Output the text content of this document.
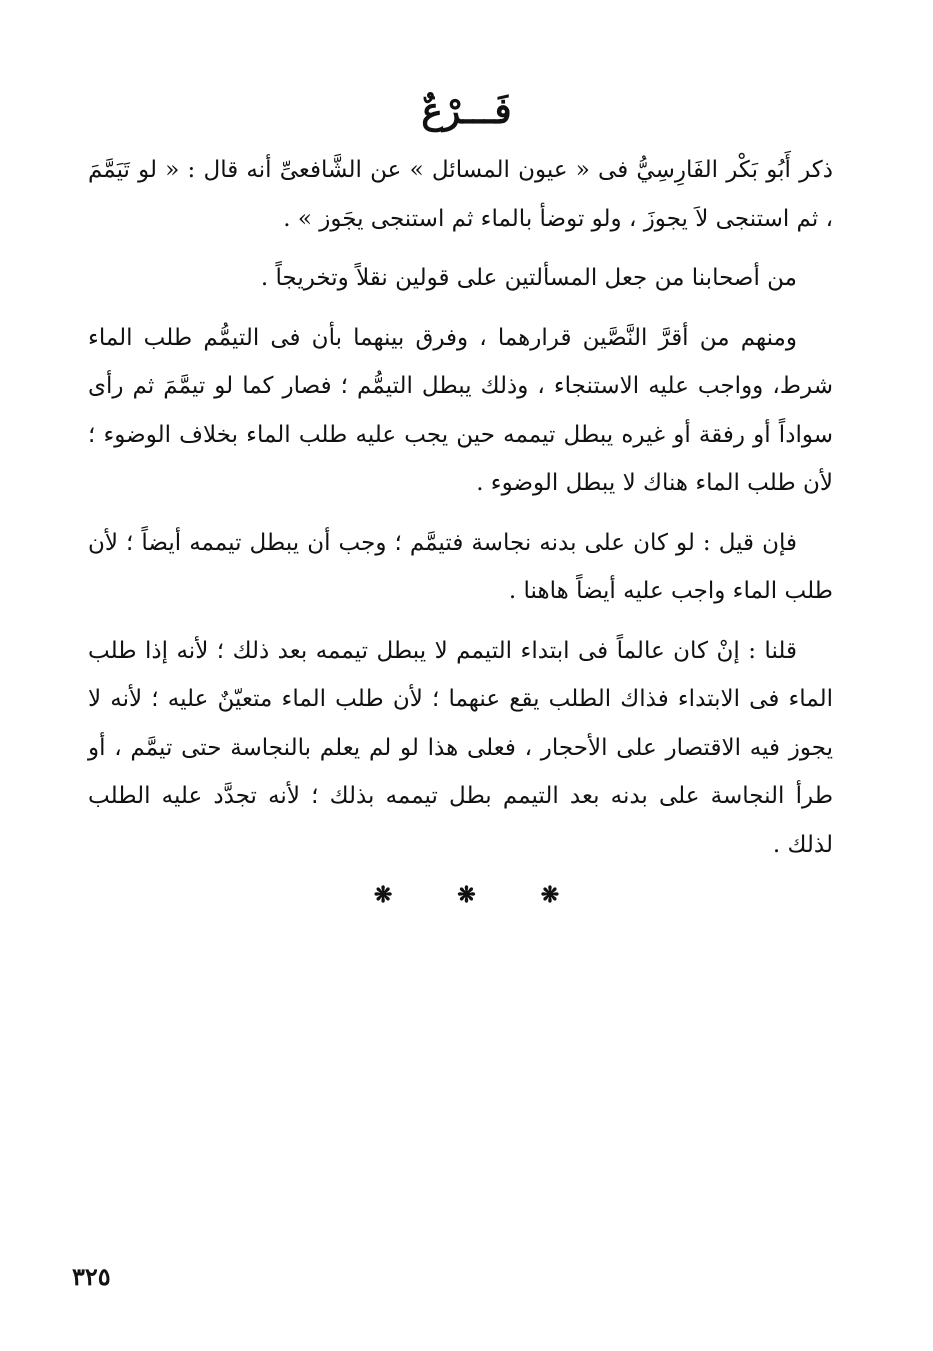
فَـــرْعٌ

ذكر أَبُو بَكْر الفَارِسِيُّ فى « عيون المسائل » عن الشَّافعىِّ أنه قال : « لو تَيَمَّمَ ، ثم استنجى لاَ يجوزَ ، ولو توضأ بالماء ثم استنجى يجَوز » .

من أصحابنا من جعل المسألتين على قولين نقلاً وتخريجاً .

ومنهم من أقرَّ النَّصَّين قرارهما ، وفرق بينهما بأن فى التيمُّم طلب الماء شرط، وواجب عليه الاستنجاء ، وذلك يبطل التيمُّم ؛ فصار كما لو تيمَّمَ ثم رأى سواداً أو رفقة أو غيره يبطل تيممه حين يجب عليه طلب الماء بخلاف الوضوء ؛ لأن طلب الماء هناك لا يبطل الوضوء .

فإن قيل : لو كان على بدنه نجاسة فتيمَّم ؛ وجب أن يبطل تيممه أيضاً ؛ لأن طلب الماء واجب عليه أيضاً هاهنا .

قلنا : إنْ كان عالماً فى ابتداء التيمم لا يبطل تيممه بعد ذلك ؛ لأنه إذا طلب الماء فى الابتداء فذاك الطلب يقع عنهما ؛ لأن طلب الماء متعيّنٌ عليه ؛ لأنه لا يجوز فيه الاقتصار على الأحجار ، فعلى هذا لو لم يعلم بالنجاسة حتى تيمَّم ، أو طرأ النجاسة على بدنه بعد التيمم بطل تيممه بذلك ؛ لأنه تجدَّد عليه الطلب لذلك .

❋	❋	❋
٣٢٥
